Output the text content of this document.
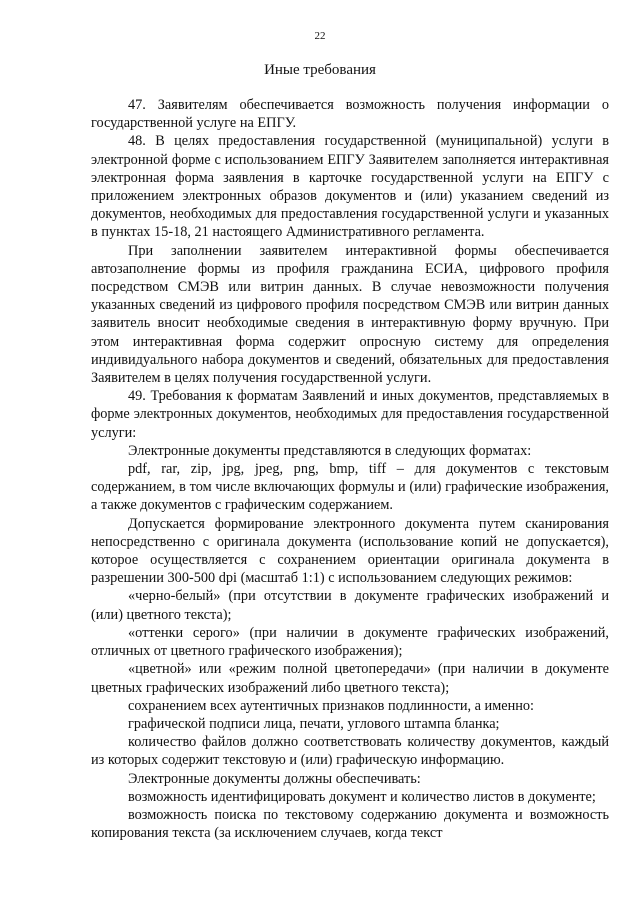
22
Иные требования

47. Заявителям обеспечивается возможность получения информации о государственной услуге на ЕПГУ.

48. В целях предоставления государственной (муниципальной) услуги в электронной форме с использованием ЕПГУ Заявителем заполняется интерактивная электронная форма заявления в карточке государственной услуги на ЕПГУ с приложением электронных образов документов и (или) указанием сведений из документов, необходимых для предоставления государственной услуги и указанных в пунктах 15-18, 21 настоящего Административного регламента.

При заполнении заявителем интерактивной формы обеспечивается автозаполнение формы из профиля гражданина ЕСИА, цифрового профиля посредством СМЭВ или витрин данных. В случае невозможности получения указанных сведений из цифрового профиля посредством СМЭВ или витрин данных заявитель вносит необходимые сведения в интерактивную форму вручную. При этом интерактивная форма содержит опросную систему для определения индивидуального набора документов и сведений, обязательных для предоставления Заявителем в целях получения государственной услуги.

49. Требования к форматам Заявлений и иных документов, представляемых в форме электронных документов, необходимых для предоставления государственной услуги:

Электронные документы представляются в следующих форматах:

pdf, rar, zip, jpg, jpeg, png, bmp, tiff – для документов с текстовым содержанием, в том числе включающих формулы и (или) графические изображения, а также документов с графическим содержанием.

Допускается формирование электронного документа путем сканирования непосредственно с оригинала документа (использование копий не допускается), которое осуществляется с сохранением ориентации оригинала документа в разрешении 300-500 dpi (масштаб 1:1) с использованием следующих режимов:

«черно-белый» (при отсутствии в документе графических изображений и (или) цветного текста);

«оттенки серого» (при наличии в документе графических изображений, отличных от цветного графического изображения);

«цветной» или «режим полной цветопередачи» (при наличии в документе цветных графических изображений либо цветного текста);

сохранением всех аутентичных признаков подлинности, а именно:

графической подписи лица, печати, углового штампа бланка;

количество файлов должно соответствовать количеству документов, каждый из которых содержит текстовую и (или) графическую информацию.

Электронные документы должны обеспечивать:

возможность идентифицировать документ и количество листов в документе;

возможность поиска по текстовому содержанию документа и возможность копирования текста (за исключением случаев, когда текст
